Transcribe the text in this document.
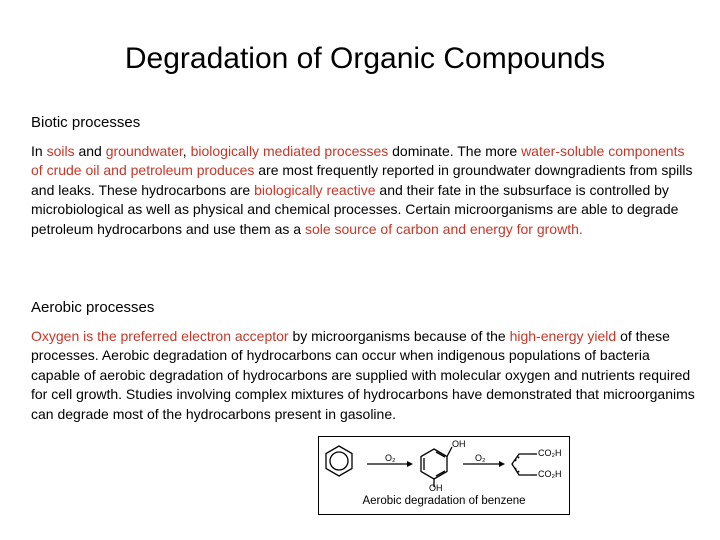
Degradation of Organic Compounds
Biotic processes
In soils and groundwater, biologically mediated processes dominate. The more water-soluble components of crude oil and petroleum produces are most frequently reported in groundwater downgradients from spills and leaks. These hydrocarbons are biologically reactive and their fate in the subsurface is controlled by microbiological as well as physical and chemical processes. Certain microorganisms are able to degrade petroleum hydrocarbons and use them as a sole source of carbon and energy for growth.
Aerobic processes
Oxygen is the preferred electron acceptor by microorganisms because of the high-energy yield of these processes. Aerobic degradation of hydrocarbons can occur when indigenous populations of bacteria capable of aerobic degradation of hydrocarbons are supplied with molecular oxygen and nutrients required for cell growth. Studies involving complex mixtures of hydrocarbons have demonstrated that microorganims can degrade most of the hydrocarbons present in gasoline.
O₂	O₂
OH
OH
CO₂H
CO₂H
Aerobic degradation of benzene
